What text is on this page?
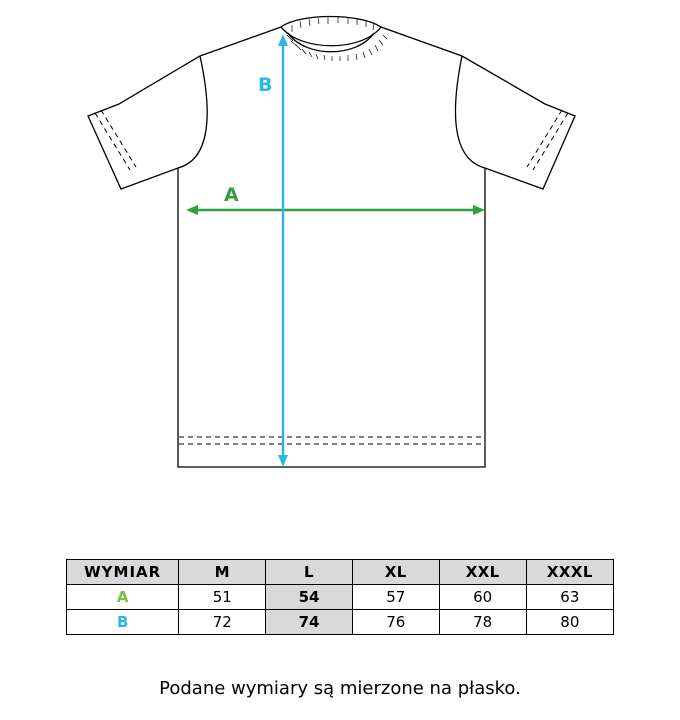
A
B
WYMIAR	M	L	XL	XXL	XXXL
A	51	54	57	60	63
B	72	74	76	78	80
Podane wymiary są mierzone na płasko.
